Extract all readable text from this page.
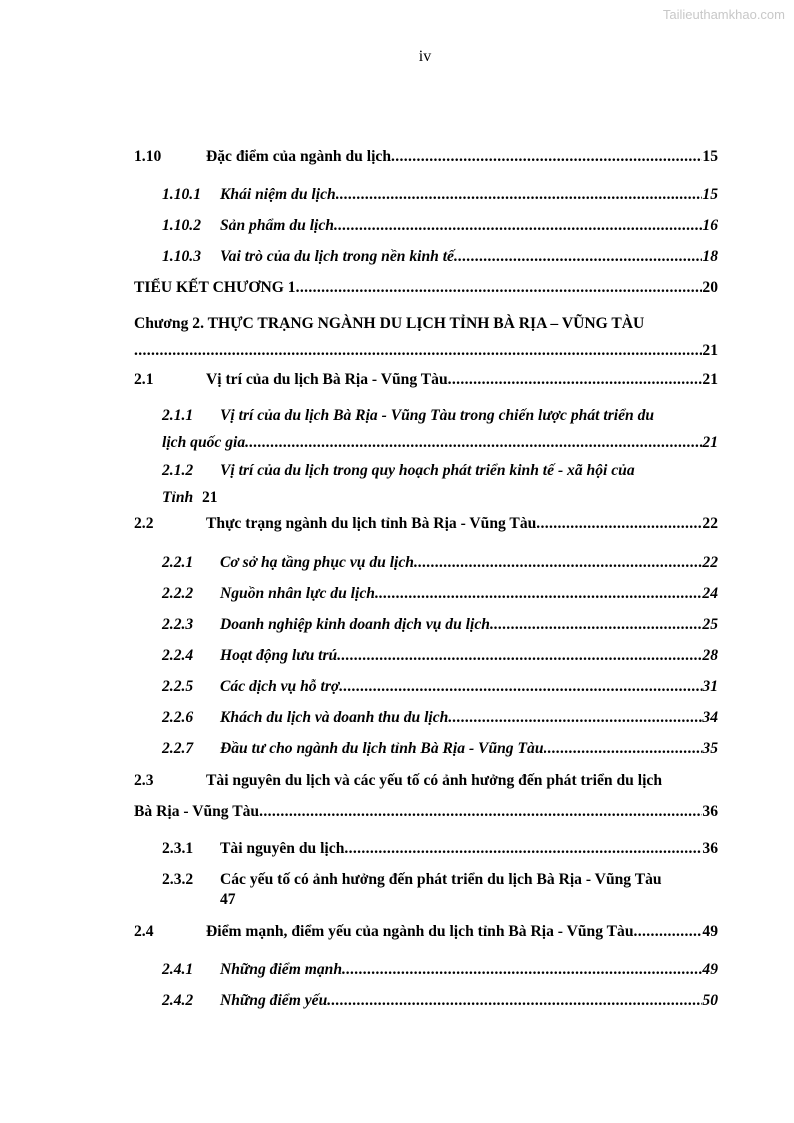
Tailieuthamkhao.com
iv
1.10	Đặc điểm của ngành du lịch .....	15
1.10.1	Khái niệm du lịch .....	15
1.10.2	Sản phẩm du lịch .....	16
1.10.3	Vai trò của du lịch trong nền kinh tế .....	18
TIỂU KẾT CHƯƠNG 1 .....	20
Chương 2. THỰC TRẠNG NGÀNH DU LỊCH TỈNH BÀ RỊA – VŨNG TÀU
.....
21
2.1	Vị trí của du lịch Bà Rịa - Vũng Tàu .....	21
2.1.1	Vị trí của du lịch Bà Rịa - Vũng Tàu trong chiến lược phát triển du
lịch quốc gia .....	21
2.1.2	Vị trí của du lịch trong quy hoạch phát triển kinh tế - xã hội của
Tỉnh 21
2.2	Thực trạng ngành du lịch tỉnh Bà Rịa - Vũng Tàu .....	22
2.2.1	Cơ sở hạ tầng phục vụ du lịch .....	22
2.2.2	Nguồn nhân lực du lịch .....	24
2.2.3	Doanh nghiệp kinh doanh dịch vụ du lịch .....	25
2.2.4	Hoạt động lưu trú .....	28
2.2.5	Các dịch vụ hỗ trợ .....	31
2.2.6	Khách du lịch và doanh thu du lịch .....	34
2.2.7	Đầu tư cho ngành du lịch tỉnh Bà Rịa - Vũng Tàu .....	35
2.3	Tài nguyên du lịch và các yếu tố có ảnh hưởng đến phát triển du lịch
Bà Rịa - Vũng Tàu .....	36
2.3.1	Tài nguyên du lịch .....	36
2.3.2	Các yếu tố có ảnh hưởng đến phát triển du lịch Bà Rịa - Vũng Tàu
47
2.4	Điểm mạnh, điểm yếu của ngành du lịch tỉnh Bà Rịa - Vũng Tàu .....	49
2.4.1	Những điểm mạnh .....	49
2.4.2	Những điểm yếu .....	50
